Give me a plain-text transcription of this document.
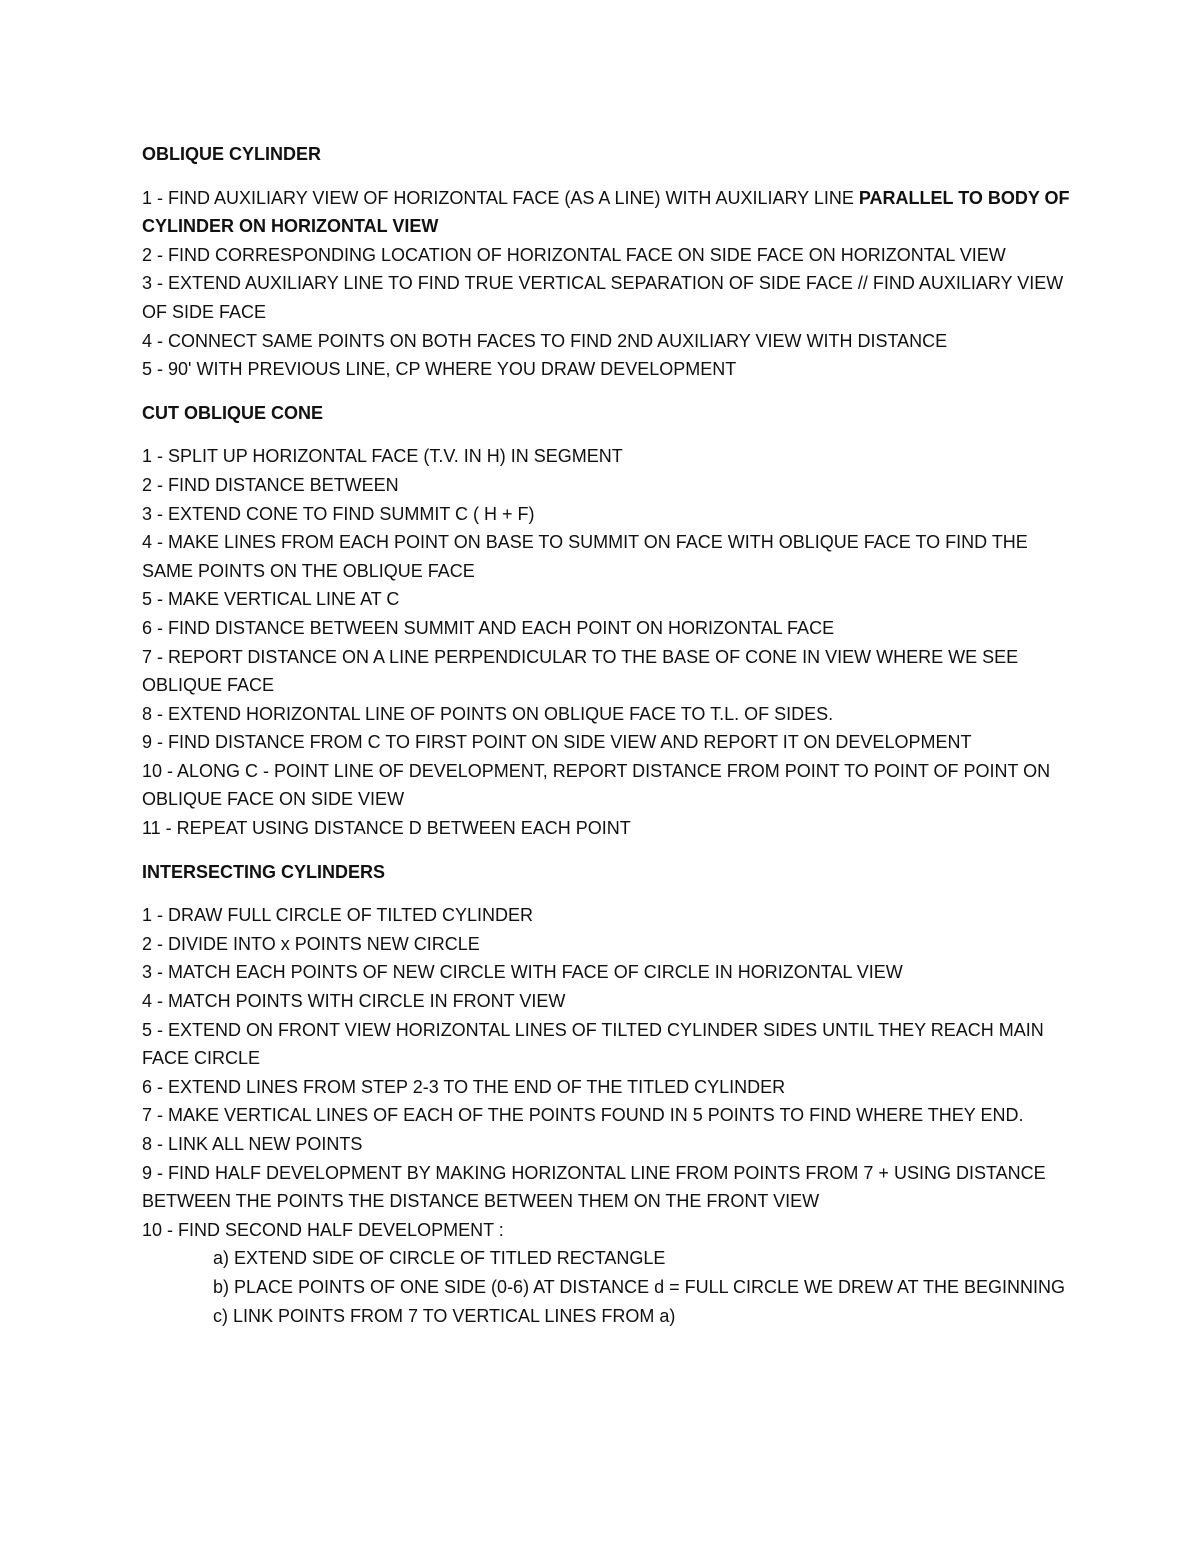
OBLIQUE CYLINDER

1 - FIND AUXILIARY VIEW OF HORIZONTAL FACE (AS A LINE) WITH AUXILIARY LINE PARALLEL TO BODY OF CYLINDER ON HORIZONTAL VIEW

2 - FIND CORRESPONDING LOCATION OF HORIZONTAL FACE ON SIDE FACE ON HORIZONTAL VIEW

3 - EXTEND AUXILIARY LINE TO FIND TRUE VERTICAL SEPARATION OF SIDE FACE // FIND AUXILIARY VIEW OF SIDE FACE

4 - CONNECT SAME POINTS ON BOTH FACES TO FIND 2ND AUXILIARY VIEW WITH DISTANCE

5 - 90' WITH PREVIOUS LINE, CP WHERE YOU DRAW DEVELOPMENT

CUT OBLIQUE CONE

1 - SPLIT UP HORIZONTAL FACE (T.V. IN H) IN SEGMENT

2 - FIND DISTANCE BETWEEN

3 - EXTEND CONE TO FIND SUMMIT C ( H + F)

4 - MAKE LINES FROM EACH POINT ON BASE TO SUMMIT ON FACE WITH OBLIQUE FACE TO FIND THE SAME POINTS ON THE OBLIQUE FACE

5 - MAKE VERTICAL LINE AT C

6 - FIND DISTANCE BETWEEN SUMMIT AND EACH POINT ON HORIZONTAL FACE

7 - REPORT DISTANCE ON A LINE PERPENDICULAR TO THE BASE OF CONE IN VIEW WHERE WE SEE OBLIQUE FACE

8 - EXTEND HORIZONTAL LINE OF POINTS ON OBLIQUE FACE TO T.L. OF SIDES.

9 - FIND DISTANCE FROM C TO FIRST POINT ON SIDE VIEW AND REPORT IT ON DEVELOPMENT

10 - ALONG C - POINT LINE OF DEVELOPMENT, REPORT DISTANCE FROM POINT TO POINT OF POINT ON OBLIQUE FACE ON SIDE VIEW

11 - REPEAT USING DISTANCE D BETWEEN EACH POINT

INTERSECTING CYLINDERS

1 - DRAW FULL CIRCLE OF TILTED CYLINDER

2 - DIVIDE INTO x POINTS NEW CIRCLE

3 - MATCH EACH POINTS OF NEW CIRCLE WITH FACE OF CIRCLE IN HORIZONTAL VIEW

4 - MATCH POINTS WITH CIRCLE IN FRONT VIEW

5 - EXTEND ON FRONT VIEW HORIZONTAL LINES OF TILTED CYLINDER SIDES UNTIL THEY REACH MAIN FACE CIRCLE

6 - EXTEND LINES FROM STEP 2-3 TO THE END OF THE TITLED CYLINDER

7 - MAKE VERTICAL LINES OF EACH OF THE POINTS FOUND IN 5 POINTS TO FIND WHERE THEY END.

8 - LINK ALL NEW POINTS

9 - FIND HALF DEVELOPMENT BY MAKING HORIZONTAL LINE FROM POINTS FROM 7 + USING DISTANCE BETWEEN THE POINTS THE DISTANCE BETWEEN THEM ON THE FRONT VIEW

10 - FIND SECOND HALF DEVELOPMENT :

a) EXTEND SIDE OF CIRCLE OF TITLED RECTANGLE

b) PLACE POINTS OF ONE SIDE (0-6) AT DISTANCE d = FULL CIRCLE WE DREW AT THE BEGINNING

c) LINK POINTS FROM 7 TO VERTICAL LINES FROM a)
